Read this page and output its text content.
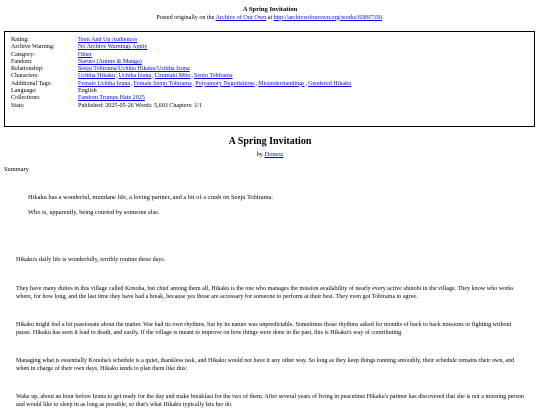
A Spring Invitation
Posted originally on the Archive of Our Own at http://archiveofourown.org/works/65897350.
Rating:	Teen And Up Audiences
Archive Warning:	No Archive Warnings Apply
Category:	Other
Fandom:	Naruto (Anime & Manga)
Relationship:	Senju Tobirama/Uchiha Hikaku/Uchiha Izuna
Characters:	Uchiha Hikaku,Uchiha Izuna,Uzumaki Mito,Senju Tobirama
Additional Tags:	Female Uchiha Izuna,Female Senju Tobirama,Polyamory Negotiations,Misunderstandings,Gendered Hikaku
Language:	English
Collections:	Fandom Trumps Hate 2025
Stats:	Published: 2025-05-26 Words: 5,603 Chapters: 1/1
A Spring Invitation
by Domoz
Summary
Hikaku has a wonderful, mundane life, a loving partner, and a bit of a crush on Senju Tobirama.
Who is, apparently, being courted by someone else.
Hikaku's daily life is wonderfully, terribly routine these days.
They have many duties in this village called Konoha, but chief among them all, Hikaku is the one who manages the mission availability of nearly every active shinobi in the village. They know who works where, for how long, and the last time they have had a break, because yes those are accessary for someone to perform at their best. They even got Tobirama to agree.
Hikaku might feel a bit passionate about the matter. War had its own rhythms, but by its nature was unpredictable. Sometimes those rhythms asked for months of back to back missions or fighting without pause. Hikaku has seen it lead to death, and easily. If the village is meant to improve on how things were done in the past, this is Hikaku's way of contributing.
Managing what is essentially Konoha's schedule is a quiet, thankless task, and Hikaku would not have it any other way. So long as they keep things running smoothly, their schedule remains their own, and when in charge of their own days, Hikaku tends to plan them like this:
Wake up, about an hour before Izuna to get ready for the day and make breakfast for the two of them. After several years of living in peacetime Hikaku's partner has discovered that she is not a morning person and would like to sleep in as long as possible, so that's what Hikaku typically lets her do.
